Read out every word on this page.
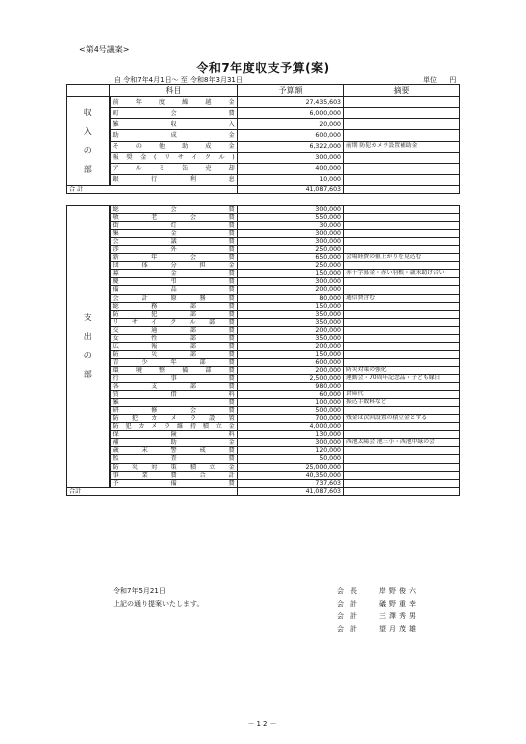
<第4号議案>
令和7年度収支予算(案)
自 令和7年4月1日～ 至 令和8年3月31日	単位 円
	科目	予算額	摘要

収
入
の
部	前年度繰越金	27,435,603	
	町会費	6,000,000	
	雑収入	20,000	
	助成金	600,000	
	その他助成金	6,322,000	前期 防犯カメラ設置補助金
	報奨金(リサイクル)	300,000	
	アルミ缶売却	400,000	
	銀行利息	10,000	
合 計		41,087,603	
支
出
の
部	総会費	300,000	
	敬老会費	550,000	
	街灯費	30,000	
	集金費	300,000	
	会議費	300,000	
	渉外費	250,000	
	新年会費	650,000	会場経費の値上がりを見込む
	団体分担金	250,000	
	募金費	150,000	赤十字募金・赤い羽根・歳末助け合い
	慶弔費	300,000	
	備品費	200,000	
	会計原務費	80,000	通信費含む
	総務部費	150,000	
	防犯部費	350,000	
	リサイクル部費	350,000	
	交通部費	200,000	
	女性部費	350,000	
	広報部費	200,000	
	防災部費	150,000	
	青少年部費	600,000	
	環境整備部費	200,000	防災対策の強化
	行事費	2,500,000	運動会・70周年記念品・子ども縁日
	各支部費	980,000	
	賃借料	60,000	倉庫代
	雑費	100,000	振込手数料など
	研修会費	500,000	
	防犯カメラ設置	700,000	残金は次回設置の積立金とする
	防犯カメラ維持積立金	4,000,000	
	保険料	130,000	
	補助金	300,000	西池太陽会 池三小・西池中緑の会
	歳末警戒費	120,000	
	監査費	50,000	
	防災対策積立金	25,000,000	
	事業費合計	40,350,000	
	予備費	737,603	
合計		41,087,603	
令和7年5月21日
上記の通り提案いたします。
会長	岸野俊六
会計	礒野重幸
会計	三澤秀男
会計	望月茂雄
－12－
